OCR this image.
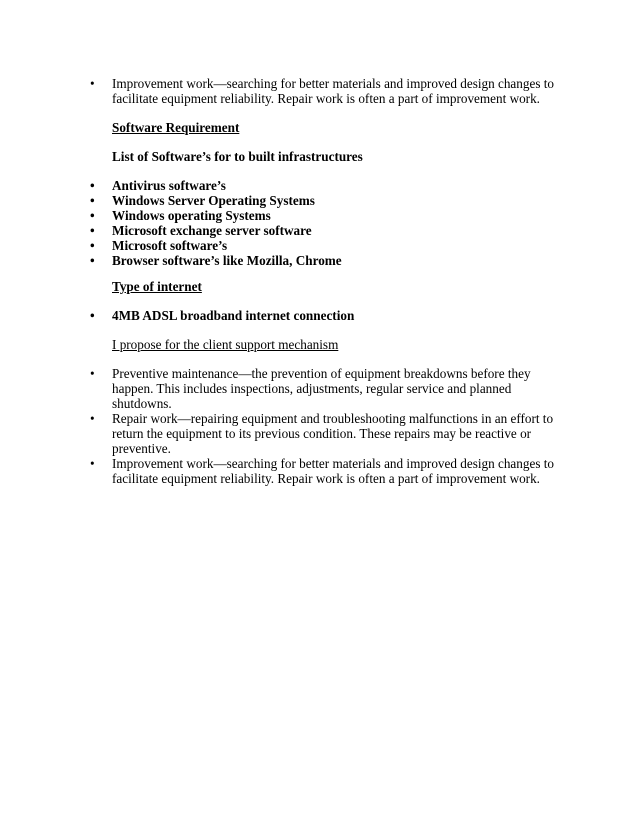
•	Improvement work—searching for better materials and improved design changes to facilitate equipment reliability. Repair work is often a part of improvement work.
Software Requirement
List of Software’s for to built infrastructures
•	Antivirus software’s
•	Windows Server Operating Systems
•	Windows operating Systems
•	Microsoft exchange server software
•	Microsoft software’s
•	Browser software’s like Mozilla, Chrome
Type of internet
•	4MB ADSL broadband internet connection
I propose for the client support mechanism
•	Preventive maintenance—the prevention of equipment breakdowns before they happen. This includes inspections, adjustments, regular service and planned shutdowns.
•	Repair work—repairing equipment and troubleshooting malfunctions in an effort to return the equipment to its previous condition. These repairs may be reactive or preventive.
•	Improvement work—searching for better materials and improved design changes to facilitate equipment reliability. Repair work is often a part of improvement work.
